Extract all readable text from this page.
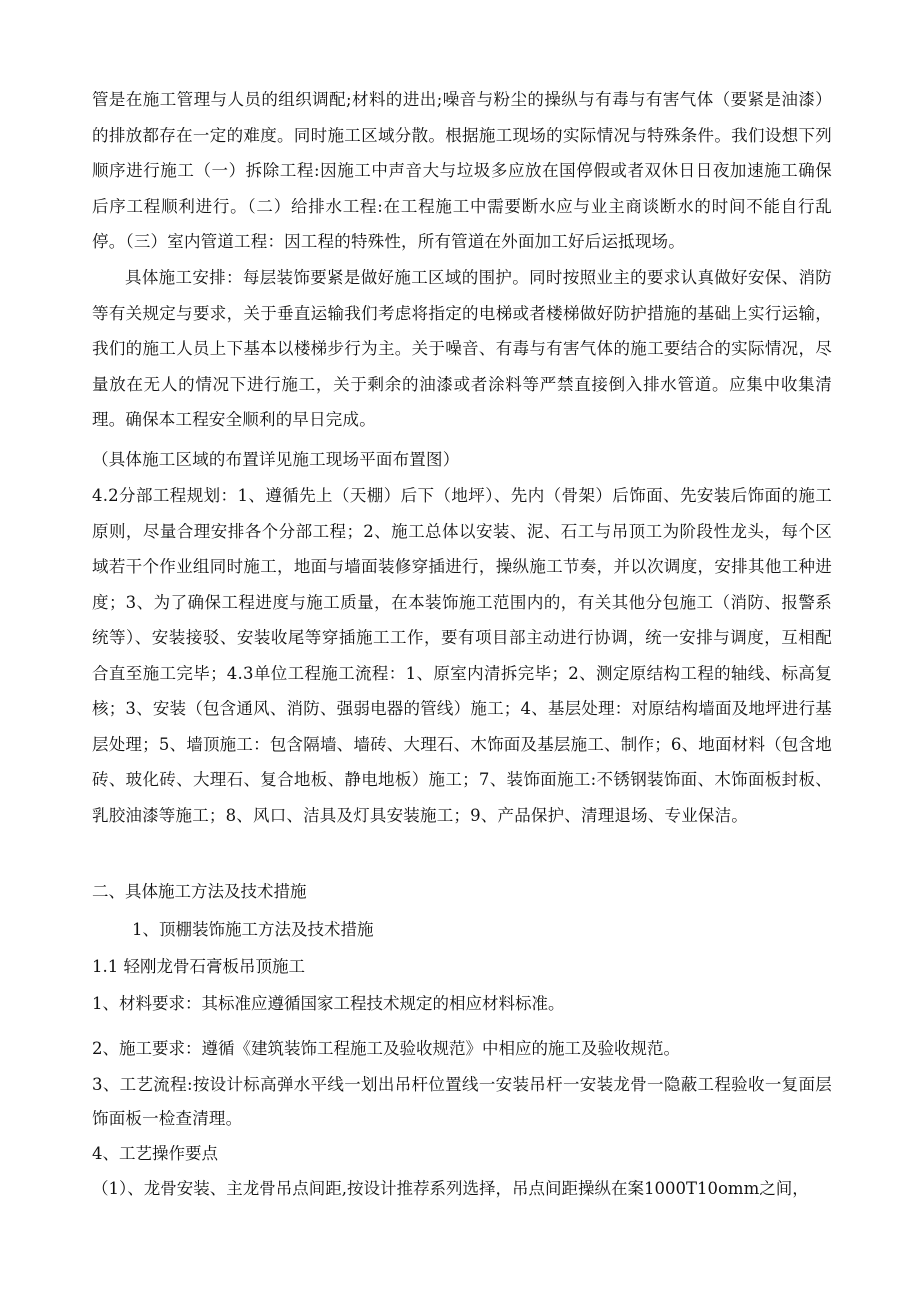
管是在施工管理与人员的组织调配;材料的进出;噪音与粉尘的操纵与有毒与有害气体（要紧是油漆）的排放都存在一定的难度。同时施工区域分散。根据施工现场的实际情况与特殊条件。我们设想下列顺序进行施工（一）拆除工程:因施工中声音大与垃圾多应放在国停假或者双休日日夜加速施工确保后序工程顺利进行。（二）给排水工程:在工程施工中需要断水应与业主商谈断水的时间不能自行乱停。（三）室内管道工程：因工程的特殊性，所有管道在外面加工好后运抵现场。

具体施工安排：每层装饰要紧是做好施工区域的围护。同时按照业主的要求认真做好安保、消防等有关规定与要求，关于垂直运输我们考虑将指定的电梯或者楼梯做好防护措施的基础上实行运输，我们的施工人员上下基本以楼梯步行为主。关于噪音、有毒与有害气体的施工要结合的实际情况，尽量放在无人的情况下进行施工，关于剩余的油漆或者涂料等严禁直接倒入排水管道。应集中收集清理。确保本工程安全顺利的早日完成。

（具体施工区域的布置详见施工现场平面布置图）

4.2分部工程规划：1、遵循先上（天棚）后下（地坪）、先内（骨架）后饰面、先安装后饰面的施工原则，尽量合理安排各个分部工程；2、施工总体以安装、泥、石工与吊顶工为阶段性龙头，每个区域若干个作业组同时施工，地面与墙面装修穿插进行，操纵施工节奏，并以次调度，安排其他工种进度；3、为了确保工程进度与施工质量，在本装饰施工范围内的，有关其他分包施工（消防、报警系统等）、安装接驳、安装收尾等穿插施工工作，要有项目部主动进行协调，统一安排与调度，互相配合直至施工完毕；4.3单位工程施工流程：1、原室内清拆完毕；2、测定原结构工程的轴线、标高复核；3、安装（包含通风、消防、强弱电器的管线）施工；4、基层处理：对原结构墙面及地坪进行基层处理；5、墙顶施工：包含隔墙、墙砖、大理石、木饰面及基层施工、制作；6、地面材料（包含地砖、玻化砖、大理石、复合地板、静电地板）施工；7、装饰面施工:不锈钢装饰面、木饰面板封板、乳胶油漆等施工；8、风口、洁具及灯具安装施工；9、产品保护、清理退场、专业保洁。

二、具体施工方法及技术措施

1、顶棚装饰施工方法及技术措施

1.1 轻刚龙骨石膏板吊顶施工

1、材料要求：其标准应遵循国家工程技术规定的相应材料标准。

2、施工要求：遵循《建筑装饰工程施工及验收规范》中相应的施工及验收规范。

3、工艺流程:按设计标高弹水平线一划出吊杆位置线一安装吊杆一安装龙骨一隐蔽工程验收一复面层饰面板一检查清理。

4、工艺操作要点

（1）、龙骨安装、主龙骨吊点间距,按设计推荐系列选择，吊点间距操纵在案1000T10omm之间，
